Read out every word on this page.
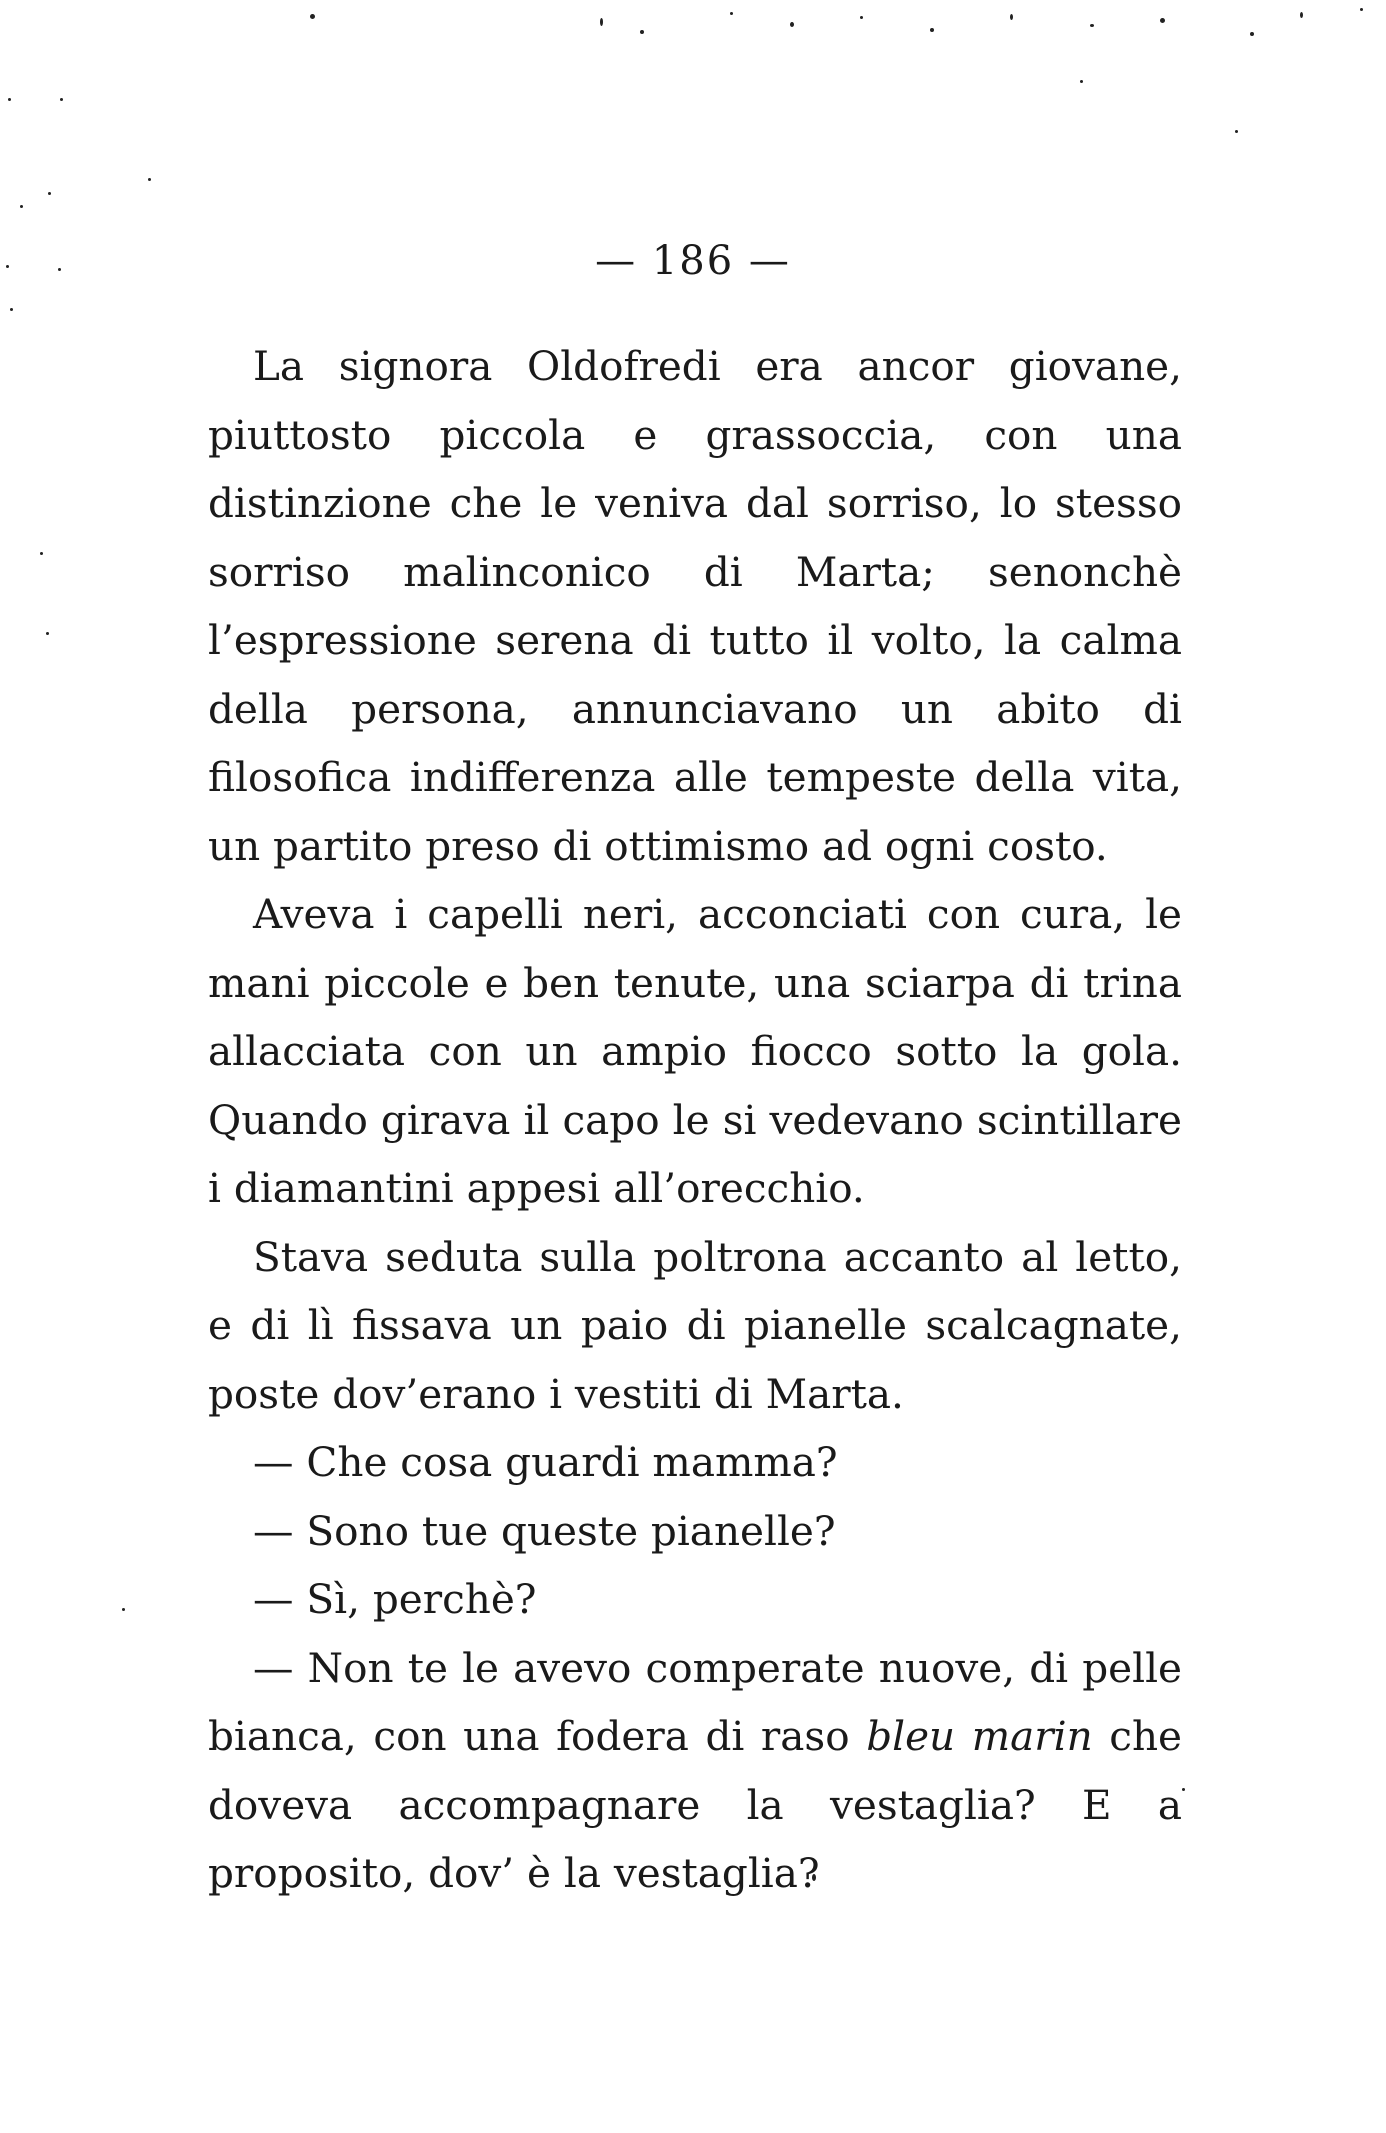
— 186 —

La signora Oldofredi era ancor giovane, piuttosto piccola e grassoccia, con una distinzione che le veniva dal sorriso, lo stesso sorriso malinconico di Marta; senonchè l’espressione serena di tutto il volto, la calma della persona, annunciavano un abito di filosofica indifferenza alle tempeste della vita, un partito preso di ottimismo ad ogni costo.

Aveva i capelli neri, acconciati con cura, le mani piccole e ben tenute, una sciarpa di trina allacciata con un ampio fiocco sotto la gola. Quando girava il capo le si vedevano scintillare i diamantini appesi all’orecchio.

Stava seduta sulla poltrona accanto al letto, e di lì fissava un paio di pianelle scalcagnate, poste dov’erano i vestiti di Marta.

— Che cosa guardi mamma?

— Sono tue queste pianelle?

— Sì, perchè?

— Non te le avevo comperate nuove, di pelle bianca, con una fodera di raso bleu marin che doveva accompagnare la vestaglia? E a proposito, dov’ è la vestaglia?
